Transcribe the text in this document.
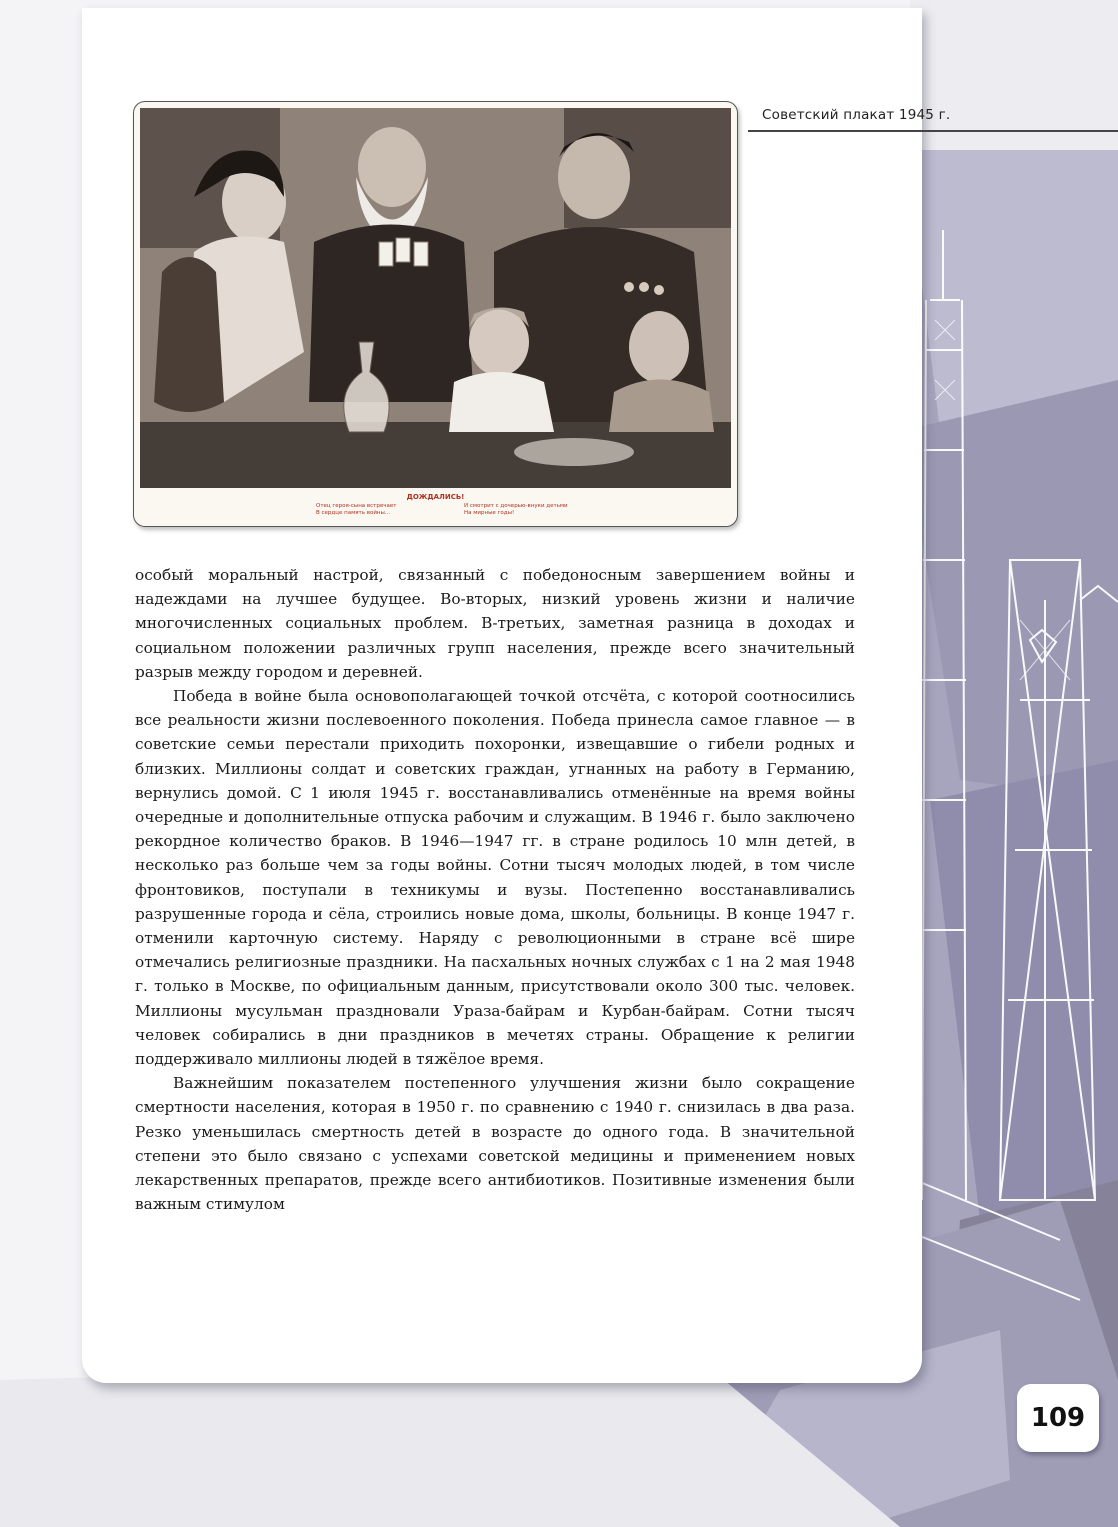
Советский плакат 1945 г.
ДОЖДАЛИСЬ!
Отец героя-сына встречает
В сердце память войны...
И смотрит с дочерью-внуки детьми
На мирные годы!

особый моральный настрой, связанный с победоносным завершением войны и надеждами на лучшее будущее. Во-вторых, низкий уровень жизни и наличие многочисленных социальных проблем. В-третьих, заметная разница в доходах и социальном положении различных групп населения, прежде всего значительный разрыв между городом и деревней.

Победа в войне была основополагающей точкой отсчёта, с которой соотносились все реальности жизни послевоенного поколения. Победа принесла самое главное — в советские семьи перестали приходить похоронки, извещавшие о гибели родных и близких. Миллионы солдат и советских граждан, угнанных на работу в Германию, вернулись домой. С 1 июля 1945 г. восстанавливались отменённые на время войны очередные и дополнительные отпуска рабочим и служащим. В 1946 г. было заключено рекордное количество браков. В 1946—1947 гг. в стране родилось 10 млн детей, в несколько раз больше чем за годы войны. Сотни тысяч молодых людей, в том числе фронтовиков, поступали в техникумы и вузы. Постепенно восстанавливались разрушенные города и сёла, строились новые дома, школы, больницы. В конце 1947 г. отменили карточную систему. Наряду с революционными в стране всё шире отмечались религиозные праздники. На пасхальных ночных службах с 1 на 2 мая 1948 г. только в Москве, по официальным данным, присутствовали около 300 тыс. человек. Миллионы мусульман праздновали Ураза-байрам и Курбан-байрам. Сотни тысяч человек собирались в дни праздников в мечетях страны. Обращение к религии поддерживало миллионы людей в тяжёлое время.

Важнейшим показателем постепенного улучшения жизни было сокращение смертности населения, которая в 1950 г. по сравнению с 1940 г. снизилась в два раза. Резко уменьшилась смертность детей в возрасте до одного года. В значительной степени это было связано с успехами советской медицины и применением новых лекарственных препаратов, прежде всего антибиотиков. Позитивные изменения были важным стимулом

109
